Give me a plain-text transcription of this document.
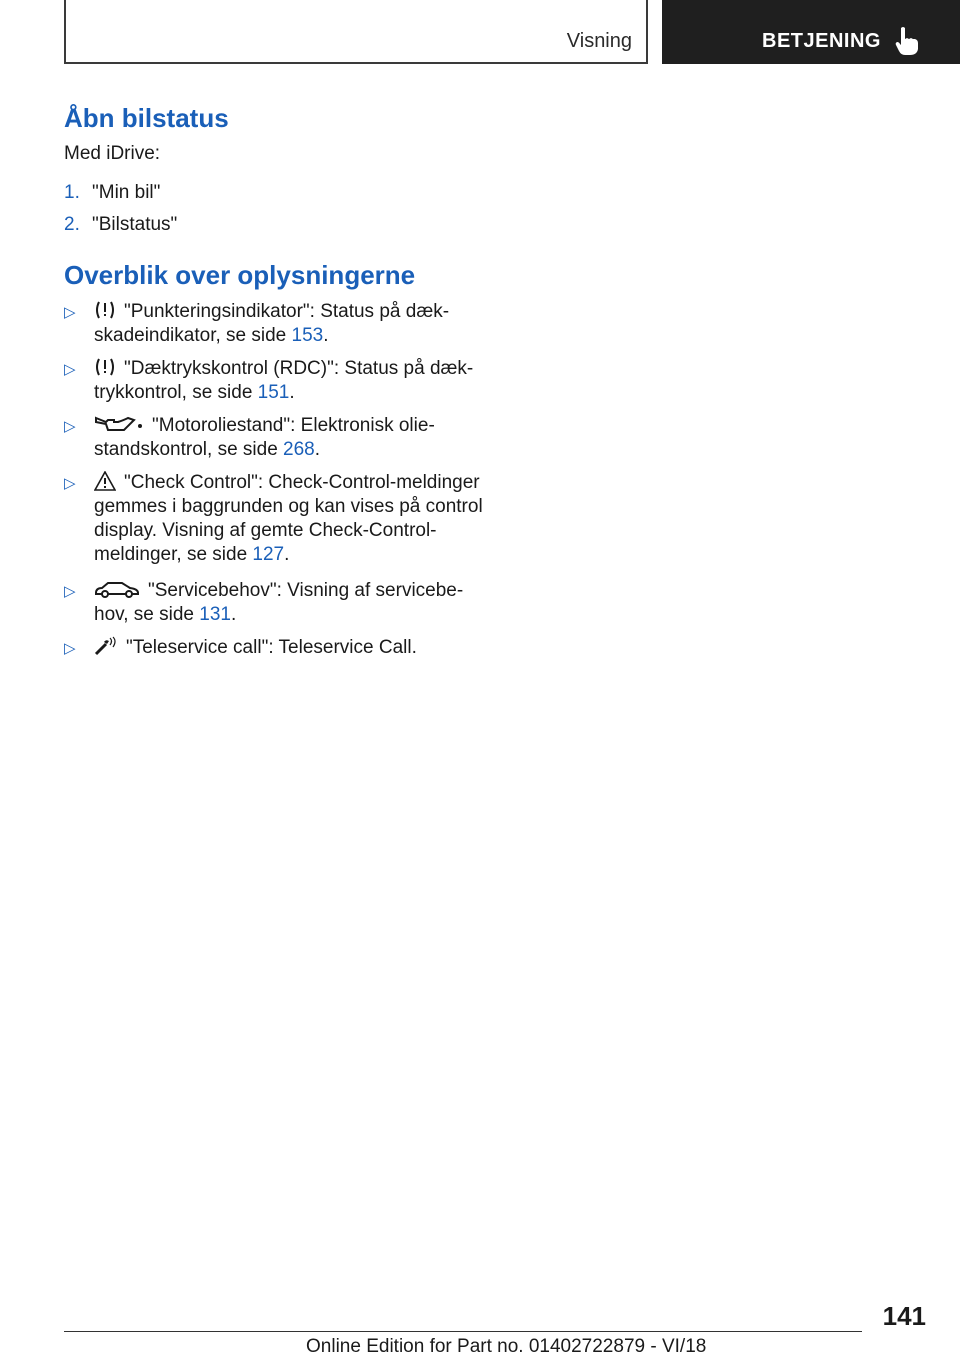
Visning	BETJENING
Åbn bilstatus
Med iDrive:
1. "Min bil"
2. "Bilstatus"
Overblik over oplysningerne
▷	"Punkteringsindikator": Status på dækskadeindikator, se side 153.
▷	"Dæktrykskontrol (RDC)": Status på dæktrykkontrol, se side 151.
▷	"Motoroliestand": Elektronisk oliestandskontrol, se side 268.
▷	"Check Control": Check-Control-meldinger gemmes i baggrunden og kan vises på control display. Visning af gemte Check-Control-meldinger, se side 127.
▷	"Servicebehov": Visning af servicebehov, se side 131.
▷	"Teleservice call": Teleservice Call.
141
Online Edition for Part no. 01402722879 - VI/18
